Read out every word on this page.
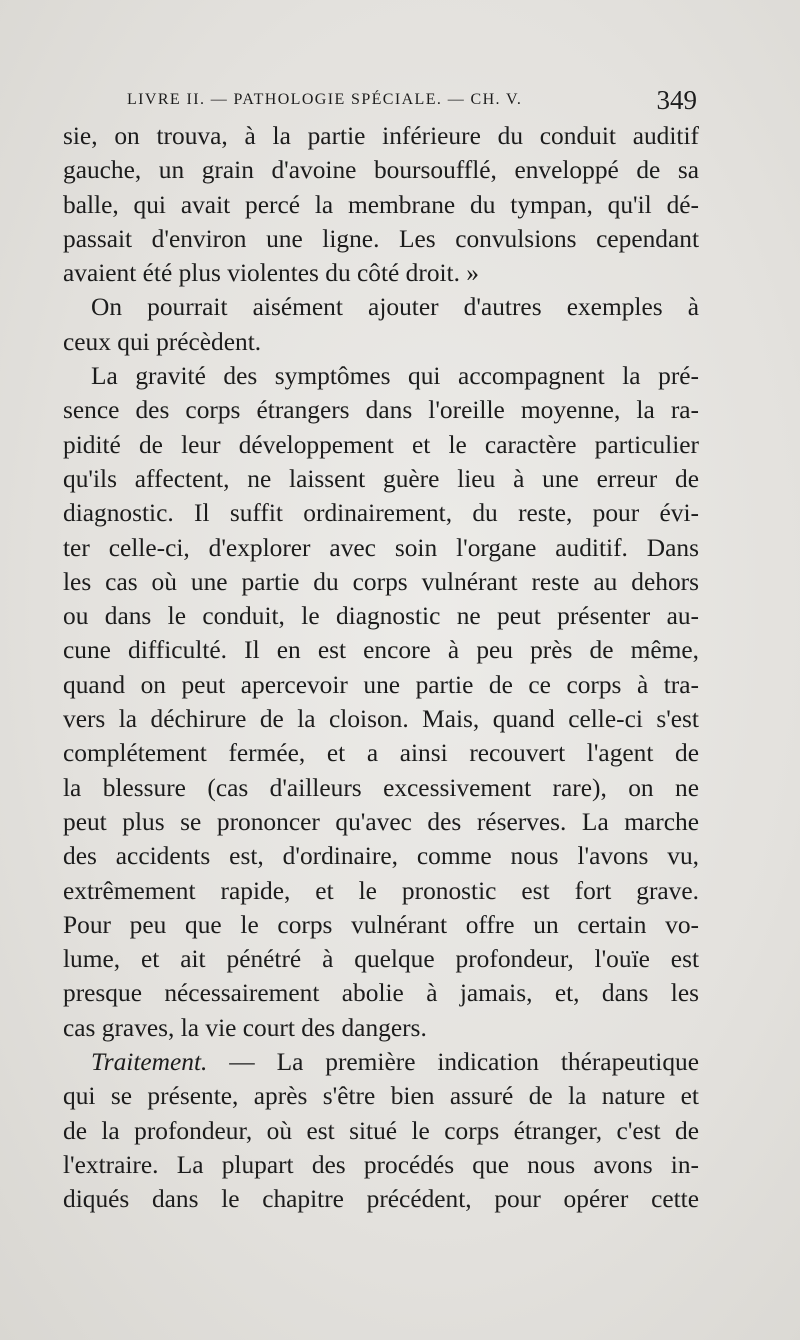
LIVRE II. — PATHOLOGIE SPÉCIALE. — CH. V.	349
sie, on trouva, à la partie inférieure du conduit auditif
gauche, un grain d'avoine boursoufflé, enveloppé de sa
balle, qui avait percé la membrane du tympan, qu'il dé-
passait d'environ une ligne. Les convulsions cependant
avaient été plus violentes du côté droit. »
On pourrait aisément ajouter d'autres exemples à
ceux qui précèdent.
La gravité des symptômes qui accompagnent la pré-
sence des corps étrangers dans l'oreille moyenne, la ra-
pidité de leur développement et le caractère particulier
qu'ils affectent, ne laissent guère lieu à une erreur de
diagnostic. Il suffit ordinairement, du reste, pour évi-
ter celle-ci, d'explorer avec soin l'organe auditif. Dans
les cas où une partie du corps vulnérant reste au dehors
ou dans le conduit, le diagnostic ne peut présenter au-
cune difficulté. Il en est encore à peu près de même,
quand on peut apercevoir une partie de ce corps à tra-
vers la déchirure de la cloison. Mais, quand celle-ci s'est
complétement fermée, et a ainsi recouvert l'agent de
la blessure (cas d'ailleurs excessivement rare), on ne
peut plus se prononcer qu'avec des réserves. La marche
des accidents est, d'ordinaire, comme nous l'avons vu,
extrêmement rapide, et le pronostic est fort grave.
Pour peu que le corps vulnérant offre un certain vo-
lume, et ait pénétré à quelque profondeur, l'ouïe est
presque nécessairement abolie à jamais, et, dans les
cas graves, la vie court des dangers.
Traitement. — La première indication thérapeutique
qui se présente, après s'être bien assuré de la nature et
de la profondeur, où est situé le corps étranger, c'est de
l'extraire. La plupart des procédés que nous avons in-
diqués dans le chapitre précédent, pour opérer cette
